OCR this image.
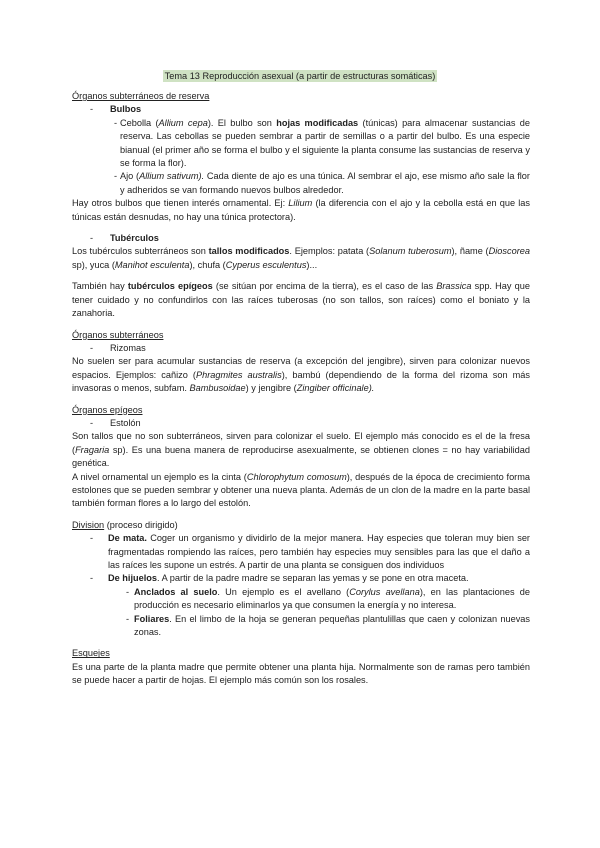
Tema 13 Reproducción asexual (a partir de estructuras somáticas)

Órganos subterráneos de reserva

- Bulbos
- Cebolla (Allium cepa). El bulbo son hojas modificadas (túnicas) para almacenar sustancias de reserva. Las cebollas se pueden sembrar a partir de semillas o a partir del bulbo. Es una especie bianual (el primer año se forma el bulbo y el siguiente la planta consume las sustancias de reserva y se forma la flor).
- Ajo (Allium sativum). Cada diente de ajo es una túnica. Al sembrar el ajo, ese mismo año sale la flor y adheridos se van formando nuevos bulbos alrededor.

Hay otros bulbos que tienen interés ornamental. Ej: Lilium (la diferencia con el ajo y la cebolla está en que las túnicas están desnudas, no hay una túnica protectora).

- Tubérculos

Los tubérculos subterráneos son tallos modificados. Ejemplos: patata (Solanum tuberosum), ñame (Dioscorea sp), yuca (Manihot esculenta), chufa (Cyperus esculentus)...

También hay tubérculos epígeos (se sitúan por encima de la tierra), es el caso de las Brassica spp. Hay que tener cuidado y no confundirlos con las raíces tuberosas (no son tallos, son raíces) como el boniato y la zanahoria.

Órganos subterráneos

- Rizomas

No suelen ser para acumular sustancias de reserva (a excepción del jengibre), sirven para colonizar nuevos espacios. Ejemplos: cañizo (Phragmites australis), bambú (dependiendo de la forma del rizoma son más invasoras o menos, subfam. Bambusoidae) y jengibre (Zingiber officinale).

Órganos epígeos

- Estolón

Son tallos que no son subterráneos, sirven para colonizar el suelo. El ejemplo más conocido es el de la fresa (Fragaria sp). Es una buena manera de reproducirse asexualmente, se obtienen clones = no hay variabilidad genética.

A nivel ornamental un ejemplo es la cinta (Chlorophytum comosum), después de la época de crecimiento forma estolones que se pueden sembrar y obtener una nueva planta. Además de un clon de la madre en la parte basal también forman flores a lo largo del estolón.

Division (proceso dirigido)

- De mata. Coger un organismo y dividirlo de la mejor manera. Hay especies que toleran muy bien ser fragmentadas rompiendo las raíces, pero también hay especies muy sensibles para las que el daño a las raíces les supone un estrés. A partir de una planta se consiguen dos individuos
- De hijuelos. A partir de la padre madre se separan las yemas y se pone en otra maceta.
- Anclados al suelo. Un ejemplo es el avellano (Corylus avellana), en las plantaciones de producción es necesario eliminarlos ya que consumen la energía y no interesa.
- Foliares. En el limbo de la hoja se generan pequeñas plantulillas que caen y colonizan nuevas zonas.

Esquejes

Es una parte de la planta madre que permite obtener una planta hija. Normalmente son de ramas pero también se puede hacer a partir de hojas. El ejemplo más común son los rosales.
